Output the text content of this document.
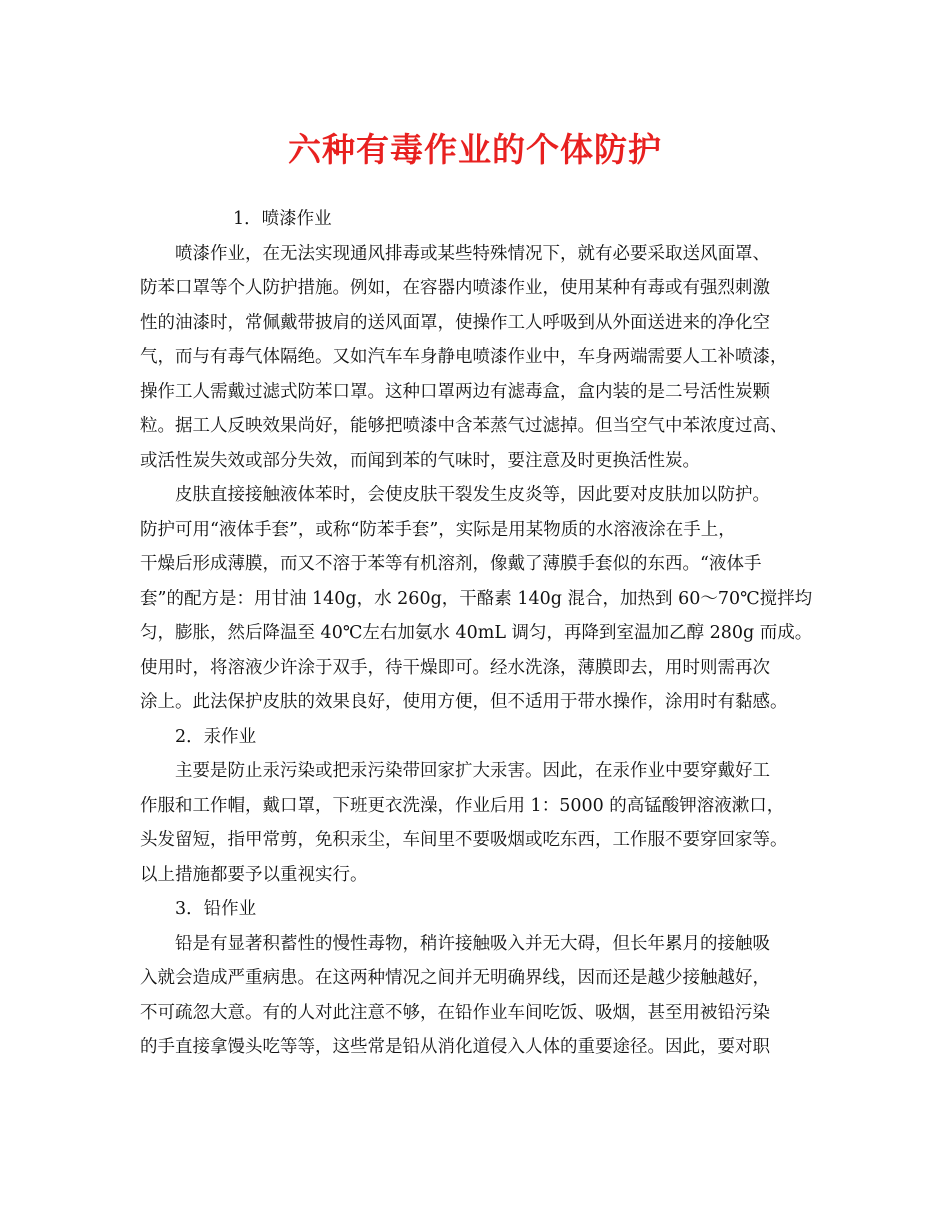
六种有毒作业的个体防护
1．喷漆作业
喷漆作业，在无法实现通风排毒或某些特殊情况下，就有必要采取送风面罩、
防苯口罩等个人防护措施。例如，在容器内喷漆作业，使用某种有毒或有强烈刺激
性的油漆时，常佩戴带披肩的送风面罩，使操作工人呼吸到从外面送进来的净化空
气，而与有毒气体隔绝。又如汽车车身静电喷漆作业中，车身两端需要人工补喷漆，
操作工人需戴过滤式防苯口罩。这种口罩两边有滤毒盒，盒内装的是二号活性炭颗
粒。据工人反映效果尚好，能够把喷漆中含苯蒸气过滤掉。但当空气中苯浓度过高、
或活性炭失效或部分失效，而闻到苯的气味时，要注意及时更换活性炭。
皮肤直接接触液体苯时，会使皮肤干裂发生皮炎等，因此要对皮肤加以防护。
防护可用“液体手套”，或称“防苯手套”，实际是用某物质的水溶液涂在手上，
干燥后形成薄膜，而又不溶于苯等有机溶剂，像戴了薄膜手套似的东西。“液体手
套”的配方是：用甘油 140g，水 260g，干酪素 140g 混合，加热到 60～70℃搅拌均
匀，膨胀，然后降温至 40℃左右加氨水 40mL 调匀，再降到室温加乙醇 280g 而成。
使用时，将溶液少许涂于双手，待干燥即可。经水洗涤，薄膜即去，用时则需再次
涂上。此法保护皮肤的效果良好，使用方便，但不适用于带水操作，涂用时有黏感。
2．汞作业
主要是防止汞污染或把汞污染带回家扩大汞害。因此，在汞作业中要穿戴好工
作服和工作帽，戴口罩，下班更衣洗澡，作业后用 1：5000 的高锰酸钾溶液漱口，
头发留短，指甲常剪，免积汞尘，车间里不要吸烟或吃东西，工作服不要穿回家等。
以上措施都要予以重视实行。
3．铅作业
铅是有显著积蓄性的慢性毒物，稍许接触吸入并无大碍，但长年累月的接触吸
入就会造成严重病患。在这两种情况之间并无明确界线，因而还是越少接触越好，
不可疏忽大意。有的人对此注意不够，在铅作业车间吃饭、吸烟，甚至用被铅污染
的手直接拿馒头吃等等，这些常是铅从消化道侵入人体的重要途径。因此，要对职
